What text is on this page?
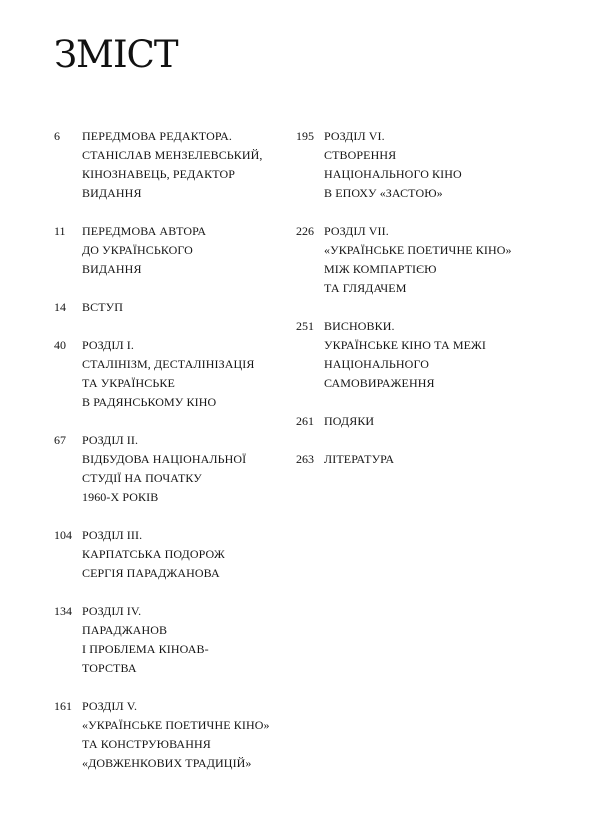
ЗМІСТ
6	ПЕРЕДМОВА РЕДАКТОРА.
СТАНІСЛАВ МЕНЗЕЛЕВСЬКИЙ,
КІНОЗНАВЕЦЬ, РЕДАКТОР
ВИДАННЯ
11	ПЕРЕДМОВА АВТОРА
ДО УКРАЇНСЬКОГО
ВИДАННЯ
14	ВСТУП
40	РОЗДІЛ I.
СТАЛІНІЗМ, ДЕСТАЛІНІЗАЦІЯ
ТА УКРАЇНСЬКЕ
В РАДЯНСЬКОМУ КІНО
67	РОЗДІЛ II.
ВІДБУДОВА НАЦІОНАЛЬНОЇ
СТУДІЇ НА ПОЧАТКУ
1960-Х РОКІВ
104 РОЗДІЛ III.
КАРПАТСЬКА ПОДОРОЖ
СЕРГІЯ ПАРАДЖАНОВА
134 РОЗДІЛ IV.
ПАРАДЖАНОВ
І ПРОБЛЕМА КІНОАВ-
ТОРСТВА
161 РОЗДІЛ V.
«УКРАЇНСЬКЕ ПОЕТИЧНЕ КІНО»
ТА КОНСТРУЮВАННЯ
«ДОВЖЕНКОВИХ ТРАДИЦІЙ»
195 РОЗДІЛ VI.
СТВОРЕННЯ
НАЦІОНАЛЬНОГО КІНО
В ЕПОХУ «ЗАСТОЮ»
226 РОЗДІЛ VII.
«УКРАЇНСЬКЕ ПОЕТИЧНЕ КІНО»
МІЖ КОМПАРТІЄЮ
ТА ГЛЯДАЧЕМ
251 ВИСНОВКИ.
УКРАЇНСЬКЕ КІНО ТА МЕЖІ
НАЦІОНАЛЬНОГО
САМОВИРАЖЕННЯ
261 ПОДЯКИ
263 ЛІТЕРАТУРА
